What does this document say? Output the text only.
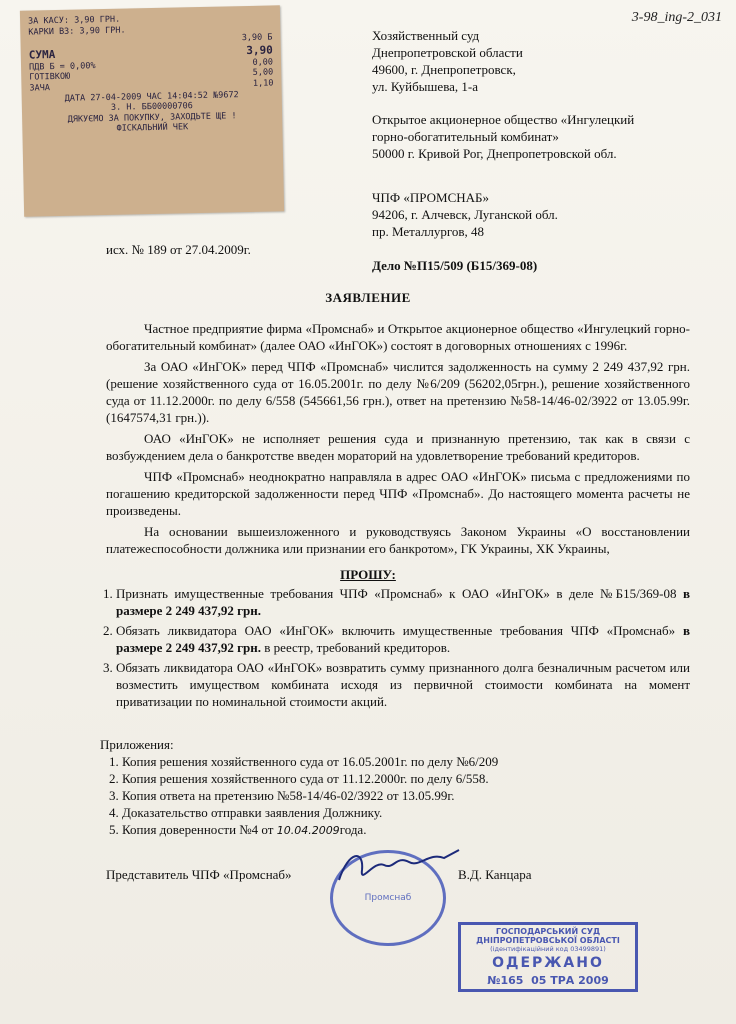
3-98_ing-2_031
ЗА КАСУ: 3,90 ГРН.
КАРКИ ВЗ: 3,90 ГРН.
3,90 Б
СУМА	3,90
ПДВ Б = 0,00%	0,00
ГОТІВКОЮ	5,00
ЗАЧА	1,10
ДАТА 27-04-2009 ЧАС 14:04:52 №9672
З. Н. ББ00000706
ДЯКУЄМО ЗА ПОКУПКУ, ЗАХОДЬТЕ ЩЕ !
ФІСКАЛЬНИЙ ЧЕК
Хозяйственный суд
Днепропетровской области
49600, г. Днепропетровск,
ул. Куйбышева, 1-а
Открытое акционерное общество «Ингулецкий
горно-обогатительный комбинат»
50000 г. Кривой Рог, Днепропетровской обл.
ЧПФ «ПРОМСНАБ»
94206, г. Алчевск, Луганской обл.
пр. Металлургов, 48
исх. № 189 от 27.04.2009г.
Дело №П15/509 (Б15/369-08)
ЗАЯВЛЕНИЕ

Частное предприятие фирма «Промснаб» и Открытое акционерное общество «Ингулецкий горно-обогатительный комбинат» (далее ОАО «ИнГОК») состоят в договорных отношениях с 1996г.

За ОАО «ИнГОК» перед ЧПФ «Промснаб» числится задолженность на сумму 2 249 437,92 грн. (решение хозяйственного суда от 16.05.2001г. по делу №6/209 (56202,05грн.), решение хозяйственного суда от 11.12.2000г. по делу 6/558 (545661,56 грн.), ответ на претензию №58-14/46-02/3922 от 13.05.99г. (1647574,31 грн.)).

ОАО «ИнГОК» не исполняет решения суда и признанную претензию, так как в связи с возбуждением дела о банкротстве введен мораторий на удовлетворение требований кредиторов.

ЧПФ «Промснаб» неоднократно направляла в адрес ОАО «ИнГОК» письма с предложениями по погашению кредиторской задолженности перед ЧПФ «Промснаб». До настоящего момента расчеты не произведены.

На основании вышеизложенного и руководствуясь Законом Украины «О восстановлении платежеспособности должника или признании его банкротом», ГК Украины, ХК Украины,

ПРОШУ:
1. Признать имущественные требования ЧПФ «Промснаб» к ОАО «ИнГОК» в деле №Б15/369-08 в размере 2 249 437,92 грн.
2. Обязать ликвидатора ОАО «ИнГОК» включить имущественные требования ЧПФ «Промснаб» в размере 2 249 437,92 грн. в реестр, требований кредиторов.
3. Обязать ликвидатора ОАО «ИнГОК» возвратить сумму признанного долга безналичным расчетом или возместить имуществом комбината исходя из первичной стоимости комбината на момент приватизации по номинальной стоимости акций.
Приложения:
1. Копия решения хозяйственного суда от 16.05.2001г. по делу №6/209
2. Копия решения хозяйственного суда от 11.12.2000г. по делу 6/558.
3. Копия ответа на претензию №58-14/46-02/3922 от 13.05.99г.
4. Доказательство отправки заявления Должнику.
5. Копия доверенности №4 от 10.04.2009года.
Представитель ЧПФ «Промснаб»	В.Д. Канцара
Промснаб
ГОСПОДАРСЬКИЙ СУД ДНІПРОПЕТРОВСЬКОЇ ОБЛАСТІ
(ідентифікаційний код 03499891)
ОДЕРЖАНО
№165 05 ТРА 2009
